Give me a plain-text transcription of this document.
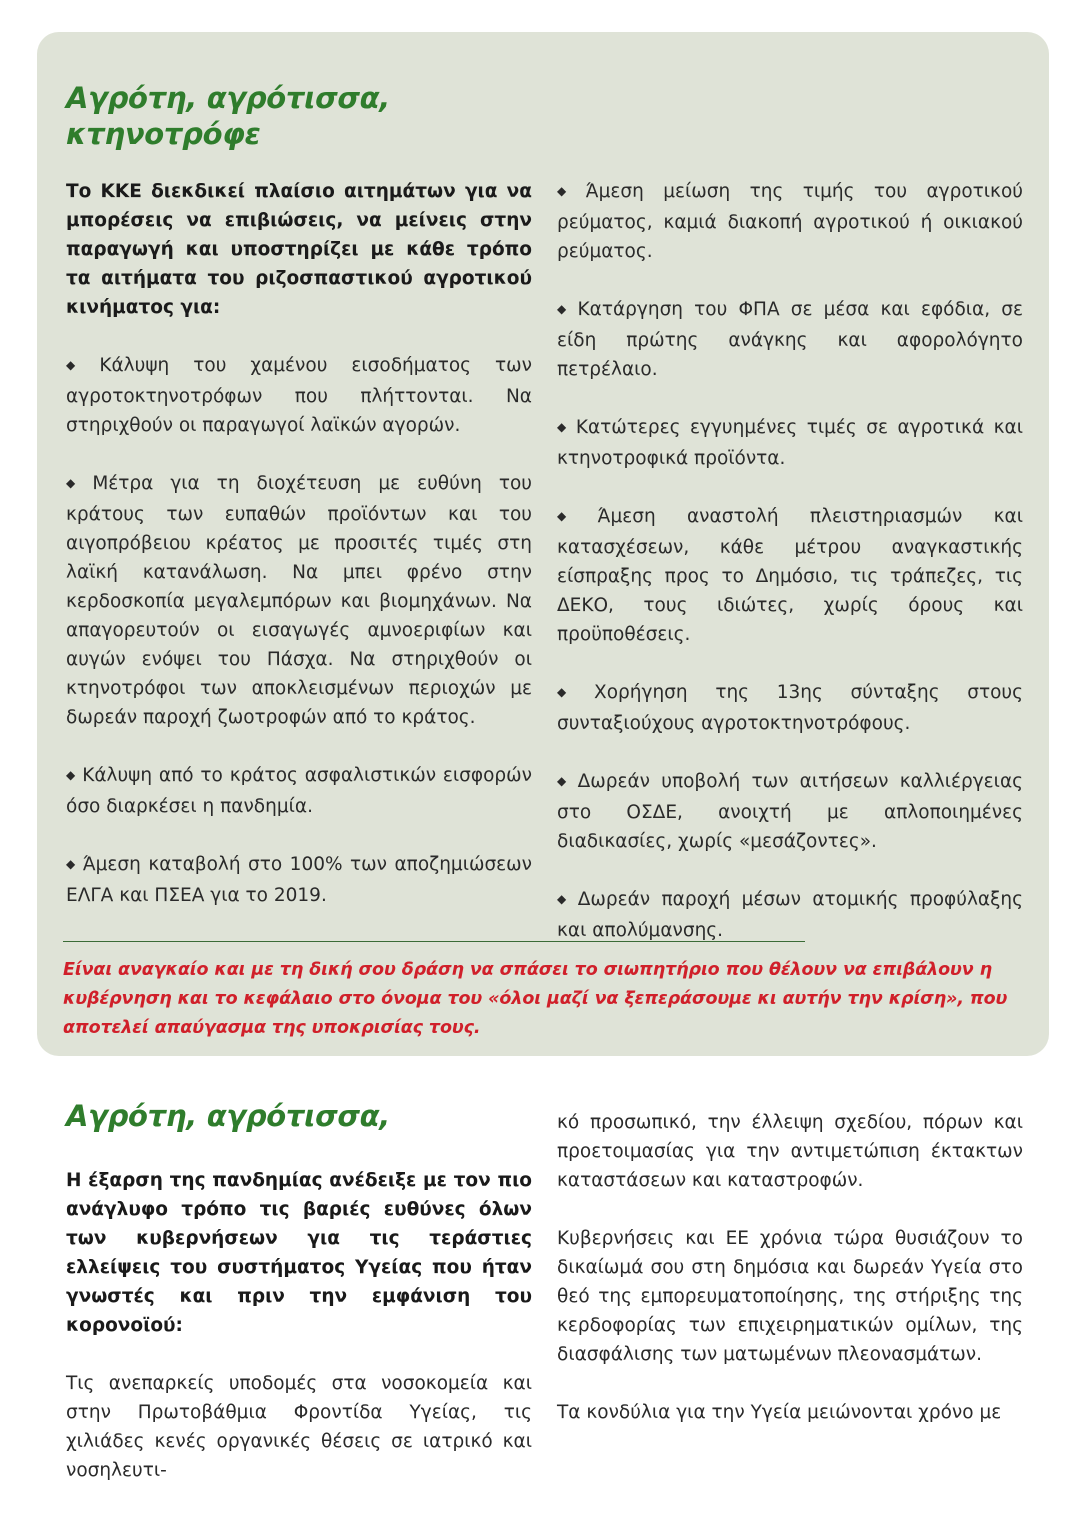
Αγρότη, αγρότισσα,
κτηνοτρόφε

Το ΚΚΕ διεκδικεί πλαίσιο αιτημάτων για να μπορέσεις να επιβιώσεις, να μείνεις στην παραγωγή και υποστηρίζει με κάθε τρόπο τα αιτήματα του ριζοσπαστικού αγροτικού κινήματος για:

◆ Κάλυψη του χαμένου εισοδήματος των αγροτοκτηνοτρόφων που πλήττονται. Να στηριχθούν οι παραγωγοί λαϊκών αγορών.

◆ Μέτρα για τη διοχέτευση με ευθύνη του κράτους των ευπαθών προϊόντων και του αιγοπρόβειου κρέατος με προσιτές τιμές στη λαϊκή κατανάλωση. Να μπει φρένο στην κερδοσκοπία μεγαλεμπόρων και βιομηχάνων. Να απαγορευτούν οι εισαγωγές αμνοεριφίων και αυγών ενόψει του Πάσχα. Να στηριχθούν οι κτηνοτρόφοι των αποκλεισμένων περιοχών με δωρεάν παροχή ζωοτροφών από το κράτος.

◆ Κάλυψη από το κράτος ασφαλιστικών εισφορών όσο διαρκέσει η πανδημία.

◆ Άμεση καταβολή στο 100% των αποζημιώσεων ΕΛΓΑ και ΠΣΕΑ για το 2019.

◆ Άμεση μείωση της τιμής του αγροτικού ρεύματος, καμιά διακοπή αγροτικού ή οικιακού ρεύματος.

◆ Κατάργηση του ΦΠΑ σε μέσα και εφόδια, σε είδη πρώτης ανάγκης και αφορολόγητο πετρέλαιο.

◆ Κατώτερες εγγυημένες τιμές σε αγροτικά και κτηνοτροφικά προϊόντα.

◆ Άμεση αναστολή πλειστηριασμών και κατασχέσεων, κάθε μέτρου αναγκαστικής είσπραξης προς το Δημόσιο, τις τράπεζες, τις ΔΕΚΟ, τους ιδιώτες, χωρίς όρους και προϋποθέσεις.

◆ Χορήγηση της 13ης σύνταξης στους συνταξιούχους αγροτοκτηνοτρόφους.

◆ Δωρεάν υποβολή των αιτήσεων καλλιέργειας στο ΟΣΔΕ, ανοιχτή με απλοποιημένες διαδικασίες, χωρίς «μεσάζοντες».

◆ Δωρεάν παροχή μέσων ατομικής προφύλαξης και απολύμανσης.

Είναι αναγκαίο και με τη δική σου δράση να σπάσει το σιωπητήριο που θέλουν να επιβάλουν η κυβέρνηση και το κεφάλαιο στο όνομα του «όλοι μαζί να ξεπεράσουμε κι αυτήν την κρίση», που αποτελεί απαύγασμα της υποκρισίας τους.
Αγρότη, αγρότισσα,

Η έξαρση της πανδημίας ανέδειξε με τον πιο ανάγλυφο τρόπο τις βαριές ευθύνες όλων των κυβερνήσεων για τις τεράστιες ελλείψεις του συστήματος Υγείας που ήταν γνωστές και πριν την εμφάνιση του κορονοϊού:

Τις ανεπαρκείς υποδομές στα νοσοκομεία και στην Πρωτοβάθμια Φροντίδα Υγείας, τις χιλιάδες κενές οργανικές θέσεις σε ιατρικό και νοσηλευτι-

κό προσωπικό, την έλλειψη σχεδίου, πόρων και προετοιμασίας για την αντιμετώπιση έκτακτων καταστάσεων και καταστροφών.

Κυβερνήσεις και ΕΕ χρόνια τώρα θυσιάζουν το δικαίωμά σου στη δημόσια και δωρεάν Υγεία στο θεό της εμπορευματοποίησης, της στήριξης της κερδοφορίας των επιχειρηματικών ομίλων, της διασφάλισης των ματωμένων πλεονασμάτων.

Τα κονδύλια για την Υγεία μειώνονται χρόνο με
